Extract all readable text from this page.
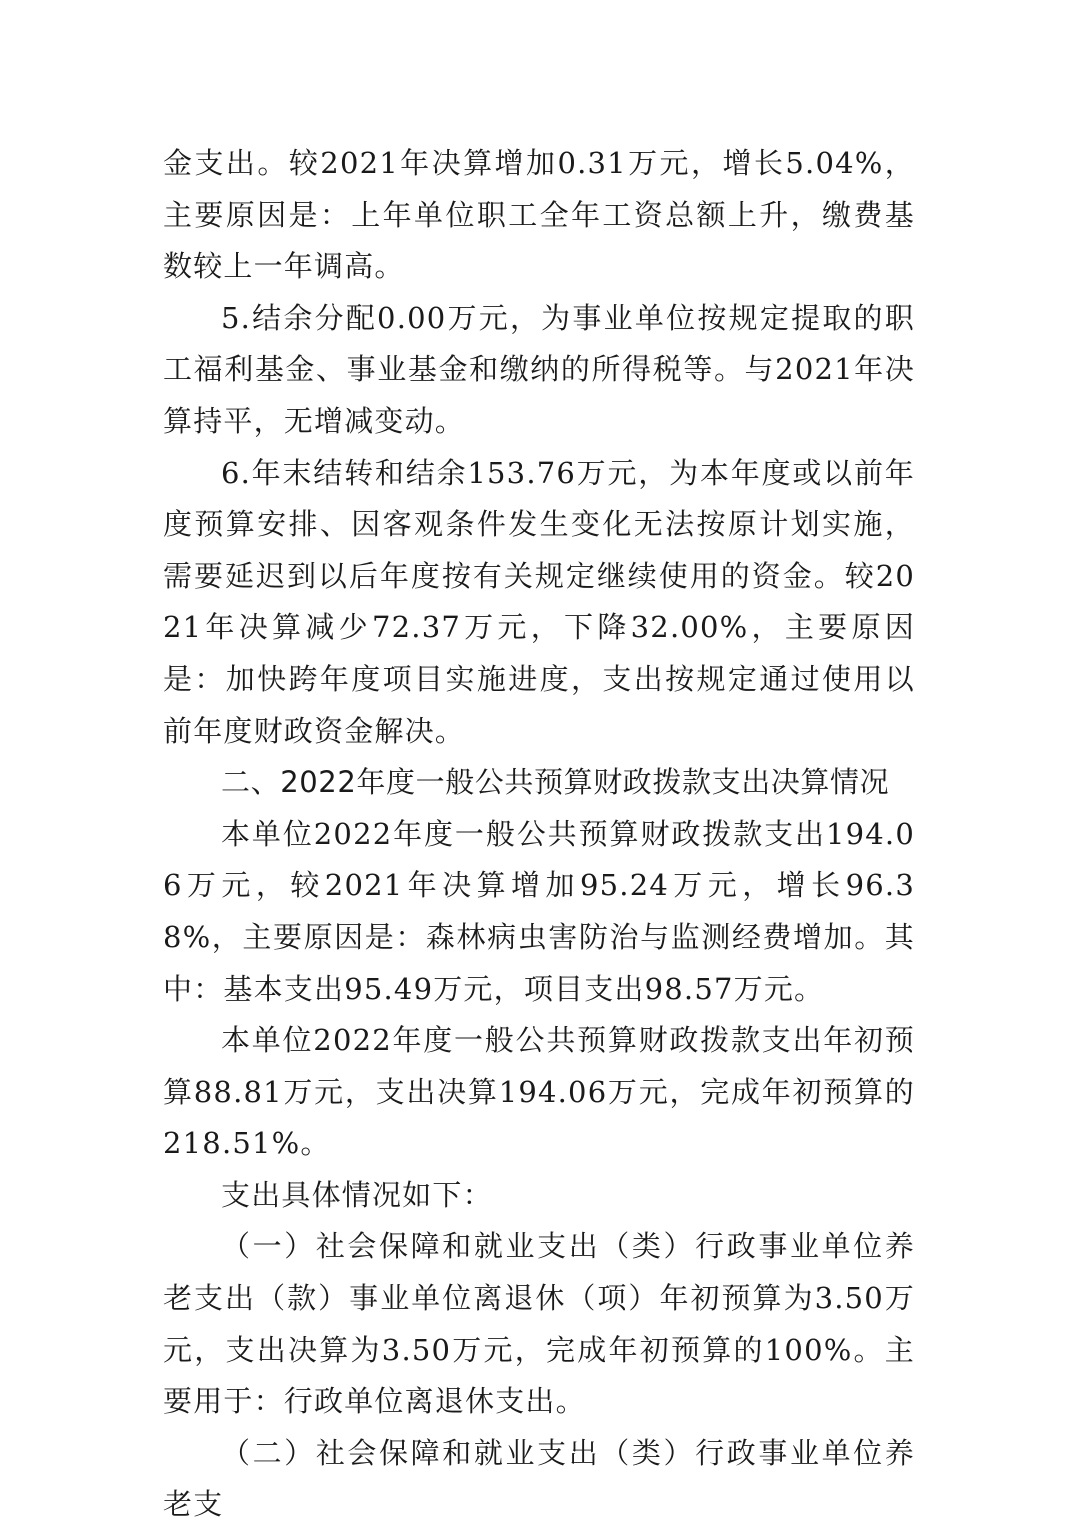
金支出。较2021年决算增加0.31万元，增长5.04%，主要原因是：上年单位职工全年工资总额上升，缴费基数较上一年调高。

5.结余分配0.00万元，为事业单位按规定提取的职工福利基金、事业基金和缴纳的所得税等。与2021年决算持平，无增减变动。

6.年末结转和结余153.76万元，为本年度或以前年度预算安排、因客观条件发生变化无法按原计划实施，需要延迟到以后年度按有关规定继续使用的资金。较2021年决算减少72.37万元，下降32.00%，主要原因是：加快跨年度项目实施进度，支出按规定通过使用以前年度财政资金解决。

二、2022年度一般公共预算财政拨款支出决算情况

本单位2022年度一般公共预算财政拨款支出194.06万元，较2021年决算增加95.24万元，增长96.38%，主要原因是：森林病虫害防治与监测经费增加。其中：基本支出95.49万元，项目支出98.57万元。

本单位2022年度一般公共预算财政拨款支出年初预算88.81万元，支出决算194.06万元，完成年初预算的218.51%。

支出具体情况如下：

（一）社会保障和就业支出（类）行政事业单位养老支出（款）事业单位离退休（项）年初预算为3.50万元，支出决算为3.50万元，完成年初预算的100%。主要用于：行政单位离退休支出。

（二）社会保障和就业支出（类）行政事业单位养老支
